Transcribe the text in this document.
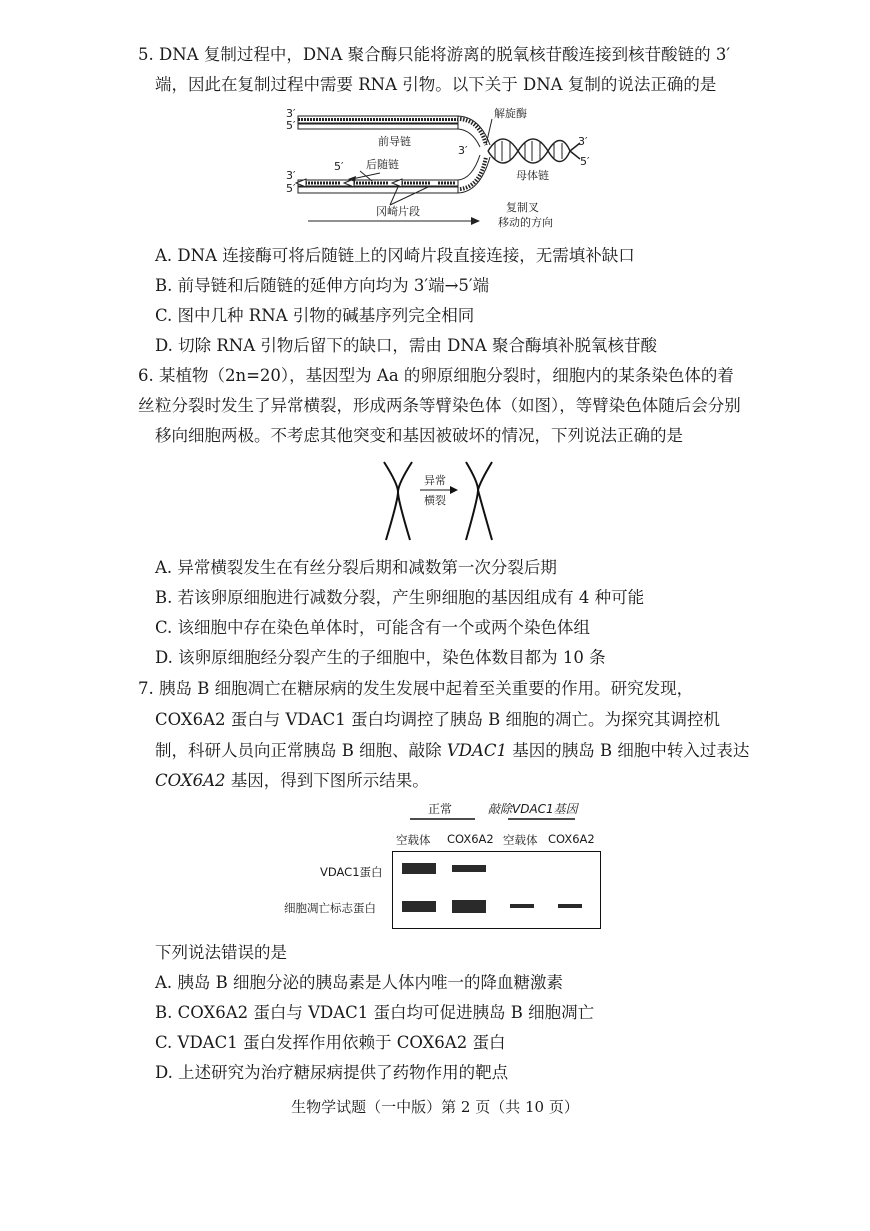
5. DNA 复制过程中，DNA 聚合酶只能将游离的脱氧核苷酸连接到核苷酸链的 3′
端，因此在复制过程中需要 RNA 引物。以下关于 DNA 复制的说法正确的是
3′
5′
前导链
解旋酶
3′
3′
5′
3′
5′
5′ 后随链
母体链
冈崎片段	复制叉
移动的方向
A. DNA 连接酶可将后随链上的冈崎片段直接连接，无需填补缺口
B. 前导链和后随链的延伸方向均为 3′端→5′端
C. 图中几种 RNA 引物的碱基序列完全相同
D. 切除 RNA 引物后留下的缺口，需由 DNA 聚合酶填补脱氧核苷酸
6. 某植物（2n=20），基因型为 Aa 的卵原细胞分裂时，细胞内的某条染色体的着丝 粒分裂时发生了异常横裂，形成两条等臂染色体（如图），等臂染色体随后会分别
移向细胞两极。不考虑其他突变和基因被破坏的情况，下列说法正确的是
异常
横裂
A. 异常横裂发生在有丝分裂后期和减数第一次分裂后期
B. 若该卵原细胞进行减数分裂，产生卵细胞的基因组成有 4 种可能
C. 该细胞中存在染色单体时，可能含有一个或两个染色体组
D. 该卵原细胞经分裂产生的子细胞中，染色体数目都为 10 条
7. 胰岛 B 细胞凋亡在糖尿病的发生发展中起着至关重要的作用。研究发现，
COX6A2 蛋白与 VDAC1 蛋白均调控了胰岛 B 细胞的凋亡。为探究其调控机
制，科研人员向正常胰岛 B 细胞、敲除 VDAC1 基因的胰岛 B 细胞中转入过表达
COX6A2 基因，得到下图所示结果。
正常	敲除VDAC1基因
空载体 COX6A2 空载体 COX6A2
VDAC1蛋白
细胞凋亡标志蛋白
下列说法错误的是
A. 胰岛 B 细胞分泌的胰岛素是人体内唯一的降血糖激素
B. COX6A2 蛋白与 VDAC1 蛋白均可促进胰岛 B 细胞凋亡
C. VDAC1 蛋白发挥作用依赖于 COX6A2 蛋白
D. 上述研究为治疗糖尿病提供了药物作用的靶点
生物学试题（一中版）第 2 页（共 10 页）
